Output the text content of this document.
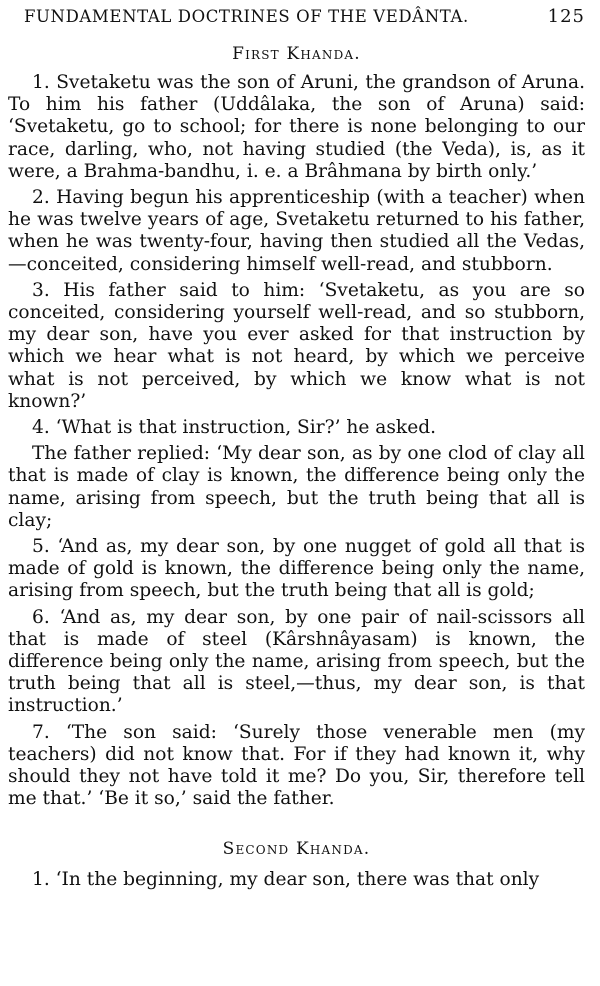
FUNDAMENTAL DOCTRINES OF THE VEDÂNTA.	125
First Khanda.

1. Svetaketu was the son of Aruni, the grandson of Aruna. To him his father (Uddâlaka, the son of Aruna) said: ‘Svetaketu, go to school; for there is none belonging to our race, darling, who, not having studied (the Veda), is, as it were, a Brahma-bandhu, i. e. a Brâhmana by birth only.’

2. Having begun his apprenticeship (with a teacher) when he was twelve years of age, Svetaketu returned to his father, when he was twenty-four, having then studied all the Vedas,—conceited, considering himself well-read, and stubborn.

3. His father said to him: ‘Svetaketu, as you are so conceited, considering yourself well-read, and so stubborn, my dear son, have you ever asked for that instruction by which we hear what is not heard, by which we perceive what is not perceived, by which we know what is not known?’

4. ‘What is that instruction, Sir?’ he asked.

The father replied: ‘My dear son, as by one clod of clay all that is made of clay is known, the difference being only the name, arising from speech, but the truth being that all is clay;

5. ‘And as, my dear son, by one nugget of gold all that is made of gold is known, the difference being only the name, arising from speech, but the truth being that all is gold;

6. ‘And as, my dear son, by one pair of nail-scissors all that is made of steel (Kârshnâyasam) is known, the difference being only the name, arising from speech, but the truth being that all is steel,—thus, my dear son, is that instruction.’

7. ‘The son said: ‘Surely those venerable men (my teachers) did not know that. For if they had known it, why should they not have told it me? Do you, Sir, therefore tell me that.’ ‘Be it so,’ said the father.

Second Khanda.

1. ‘In the beginning, my dear son, there was that only
